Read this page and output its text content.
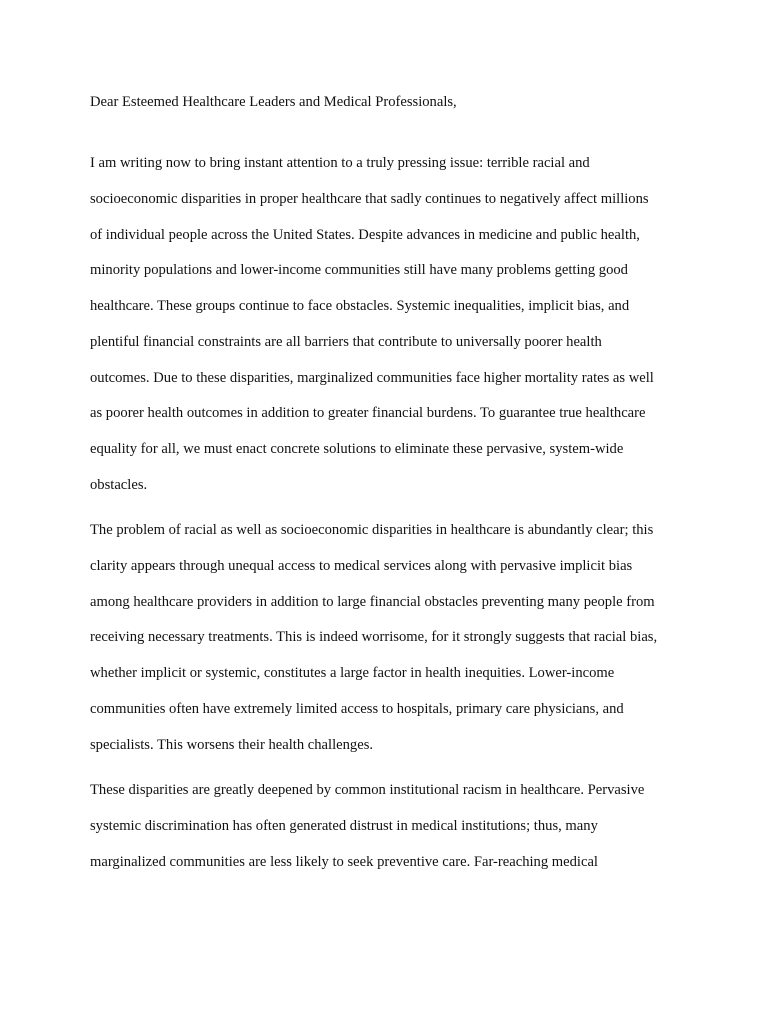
Dear Esteemed Healthcare Leaders and Medical Professionals,
I am writing now to bring instant attention to a truly pressing issue: terrible racial and
socioeconomic disparities in proper healthcare that sadly continues to negatively affect millions
of individual people across the United States. Despite advances in medicine and public health,
minority populations and lower-income communities still have many problems getting good
healthcare. These groups continue to face obstacles. Systemic inequalities, implicit bias, and
plentiful financial constraints are all barriers that contribute to universally poorer health
outcomes. Due to these disparities, marginalized communities face higher mortality rates as well
as poorer health outcomes in addition to greater financial burdens. To guarantee true healthcare
equality for all, we must enact concrete solutions to eliminate these pervasive, system-wide
obstacles.
The problem of racial as well as socioeconomic disparities in healthcare is abundantly clear; this
clarity appears through unequal access to medical services along with pervasive implicit bias
among healthcare providers in addition to large financial obstacles preventing many people from
receiving necessary treatments. This is indeed worrisome, for it strongly suggests that racial bias,
whether implicit or systemic, constitutes a large factor in health inequities. Lower-income
communities often have extremely limited access to hospitals, primary care physicians, and
specialists. This worsens their health challenges.
These disparities are greatly deepened by common institutional racism in healthcare. Pervasive
systemic discrimination has often generated distrust in medical institutions; thus, many
marginalized communities are less likely to seek preventive care. Far-reaching medical
